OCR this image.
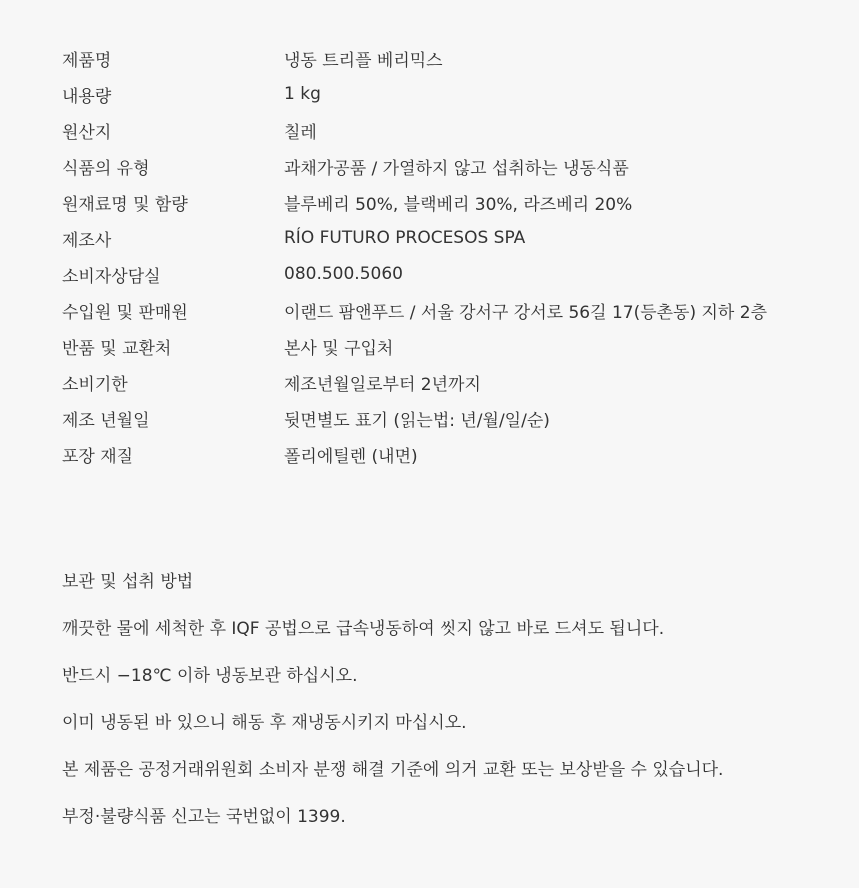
제품명	냉동 트리플 베리믹스
내용량	1 kg
원산지	칠레
식품의 유형	과채가공품 / 가열하지 않고 섭취하는 냉동식품
원재료명 및 함량	블루베리 50%, 블랙베리 30%, 라즈베리 20%
제조사	RÍO FUTURO PROCESOS SPA
소비자상담실	080.500.5060
수입원 및 판매원	이랜드 팜앤푸드 / 서울 강서구 강서로 56길 17(등촌동) 지하 2층
반품 및 교환처	본사 및 구입처
소비기한	제조년월일로부터 2년까지
제조 년월일	뒷면별도 표기 (읽는법: 년/월/일/순)
포장 재질	폴리에틸렌 (내면)
보관 및 섭취 방법
깨끗한 물에 세척한 후 IQF 공법으로 급속냉동하여 씻지 않고 바로 드셔도 됩니다.
반드시 −18℃ 이하 냉동보관 하십시오.
이미 냉동된 바 있으니 해동 후 재냉동시키지 마십시오.
본 제품은 공정거래위원회 소비자 분쟁 해결 기준에 의거 교환 또는 보상받을 수 있습니다.
부정·불량식품 신고는 국번없이 1399.
